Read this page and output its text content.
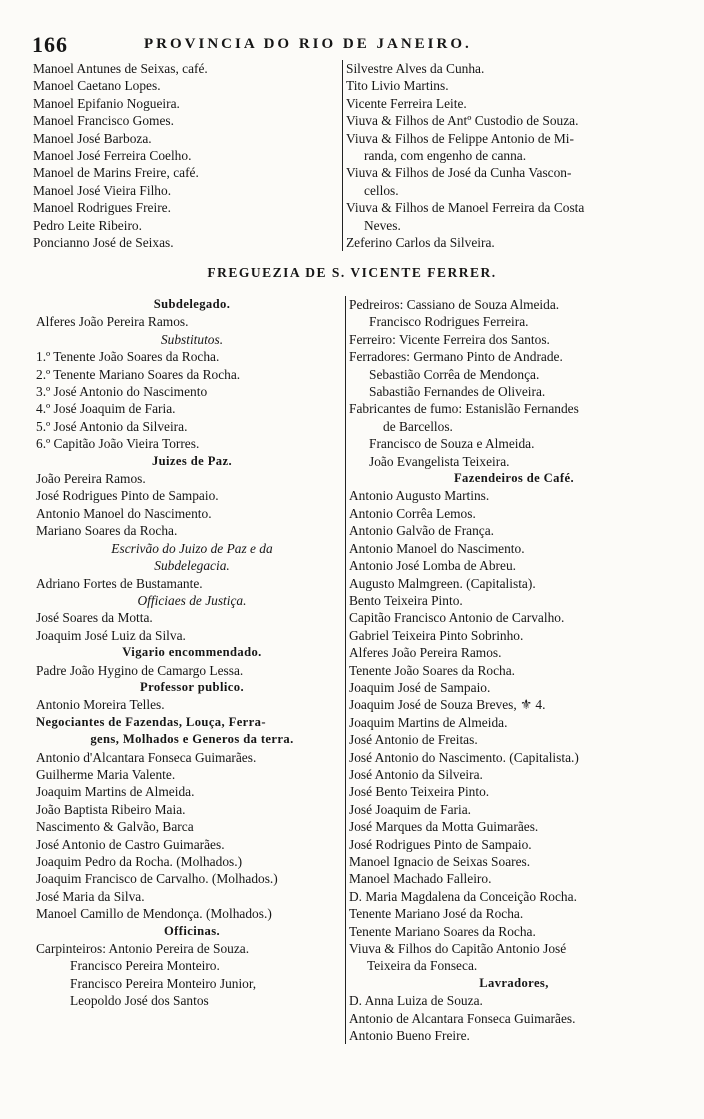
166	PROVINCIA DO RIO DE JANEIRO.
Manoel Antunes de Seixas, café.
Manoel Caetano Lopes.
Manoel Epifanio Nogueira.
Manoel Francisco Gomes.
Manoel José Barboza.
Manoel José Ferreira Coelho.
Manoel de Marins Freire, café.
Manoel José Vieira Filho.
Manoel Rodrigues Freire.
Pedro Leite Ribeiro.
Poncianno José de Seixas.
Silvestre Alves da Cunha.
Tito Livio Martins.
Vicente Ferreira Leite.
Viuva & Filhos de Antº Custodio de Souza.
Viuva & Filhos de Felippe Antonio de Mi-
randa, com engenho de canna.
Viuva & Filhos de José da Cunha Vascon-
cellos.
Viuva & Filhos de Manoel Ferreira da Costa
Neves.
Zeferino Carlos da Silveira.
FREGUEZIA DE S. VICENTE FERRER.
Subdelegado.
Alferes João Pereira Ramos.
Substitutos.
1.º Tenente João Soares da Rocha.
2.º Tenente Mariano Soares da Rocha.
3.º José Antonio do Nascimento
4.º José Joaquim de Faria.
5.º José Antonio da Silveira.
6.º Capitão João Vieira Torres.
Juizes de Paz.
João Pereira Ramos.
José Rodrigues Pinto de Sampaio.
Antonio Manoel do Nascimento.
Mariano Soares da Rocha.
Escrivão do Juizo de Paz e da
Subdelegacia.
Adriano Fortes de Bustamante.
Officiaes de Justiça.
José Soares da Motta.
Joaquim José Luiz da Silva.
Vigario encommendado.
Padre João Hygino de Camargo Lessa.
Professor publico.
Antonio Moreira Telles.
Negociantes de Fazendas, Louça, Ferra-
gens, Molhados e Generos da terra.
Antonio d'Alcantara Fonseca Guimarães.
Guilherme Maria Valente.
Joaquim Martins de Almeida.
João Baptista Ribeiro Maia.
Nascimento & Galvão, Barca
José Antonio de Castro Guimarães.
Joaquim Pedro da Rocha. (Molhados.)
Joaquim Francisco de Carvalho. (Molhados.)
José Maria da Silva.
Manoel Camillo de Mendonça. (Molhados.)
Officinas.
Carpinteiros: Antonio Pereira de Souza.
Francisco Pereira Monteiro.
Francisco Pereira Monteiro Junior,
Leopoldo José dos Santos
Pedreiros: Cassiano de Souza Almeida.
Francisco Rodrigues Ferreira.
Ferreiro: Vicente Ferreira dos Santos.
Ferradores: Germano Pinto de Andrade.
Sebastião Corrêa de Mendonça.
Sabastião Fernandes de Oliveira.
Fabricantes de fumo: Estanislão Fernandes
de Barcellos.
Francisco de Souza e Almeida.
João Evangelista Teixeira.
Fazendeiros de Café.
Antonio Augusto Martins.
Antonio Corrêa Lemos.
Antonio Galvão de França.
Antonio Manoel do Nascimento.
Antonio José Lomba de Abreu.
Augusto Malmgreen. (Capitalista).
Bento Teixeira Pinto.
Capitão Francisco Antonio de Carvalho.
Gabriel Teixeira Pinto Sobrinho.
Alferes João Pereira Ramos.
Tenente João Soares da Rocha.
Joaquim José de Sampaio.
Joaquim José de Souza Breves, ⚜ 4.
Joaquim Martins de Almeida.
José Antonio de Freitas.
José Antonio do Nascimento. (Capitalista.)
José Antonio da Silveira.
José Bento Teixeira Pinto.
José Joaquim de Faria.
José Marques da Motta Guimarães.
José Rodrigues Pinto de Sampaio.
Manoel Ignacio de Seixas Soares.
Manoel Machado Falleiro.
D. Maria Magdalena da Conceição Rocha.
Tenente Mariano José da Rocha.
Tenente Mariano Soares da Rocha.
Viuva & Filhos do Capitão Antonio José
Teixeira da Fonseca.
Lavradores,
D. Anna Luiza de Souza.
Antonio de Alcantara Fonseca Guimarães.
Antonio Bueno Freire.
